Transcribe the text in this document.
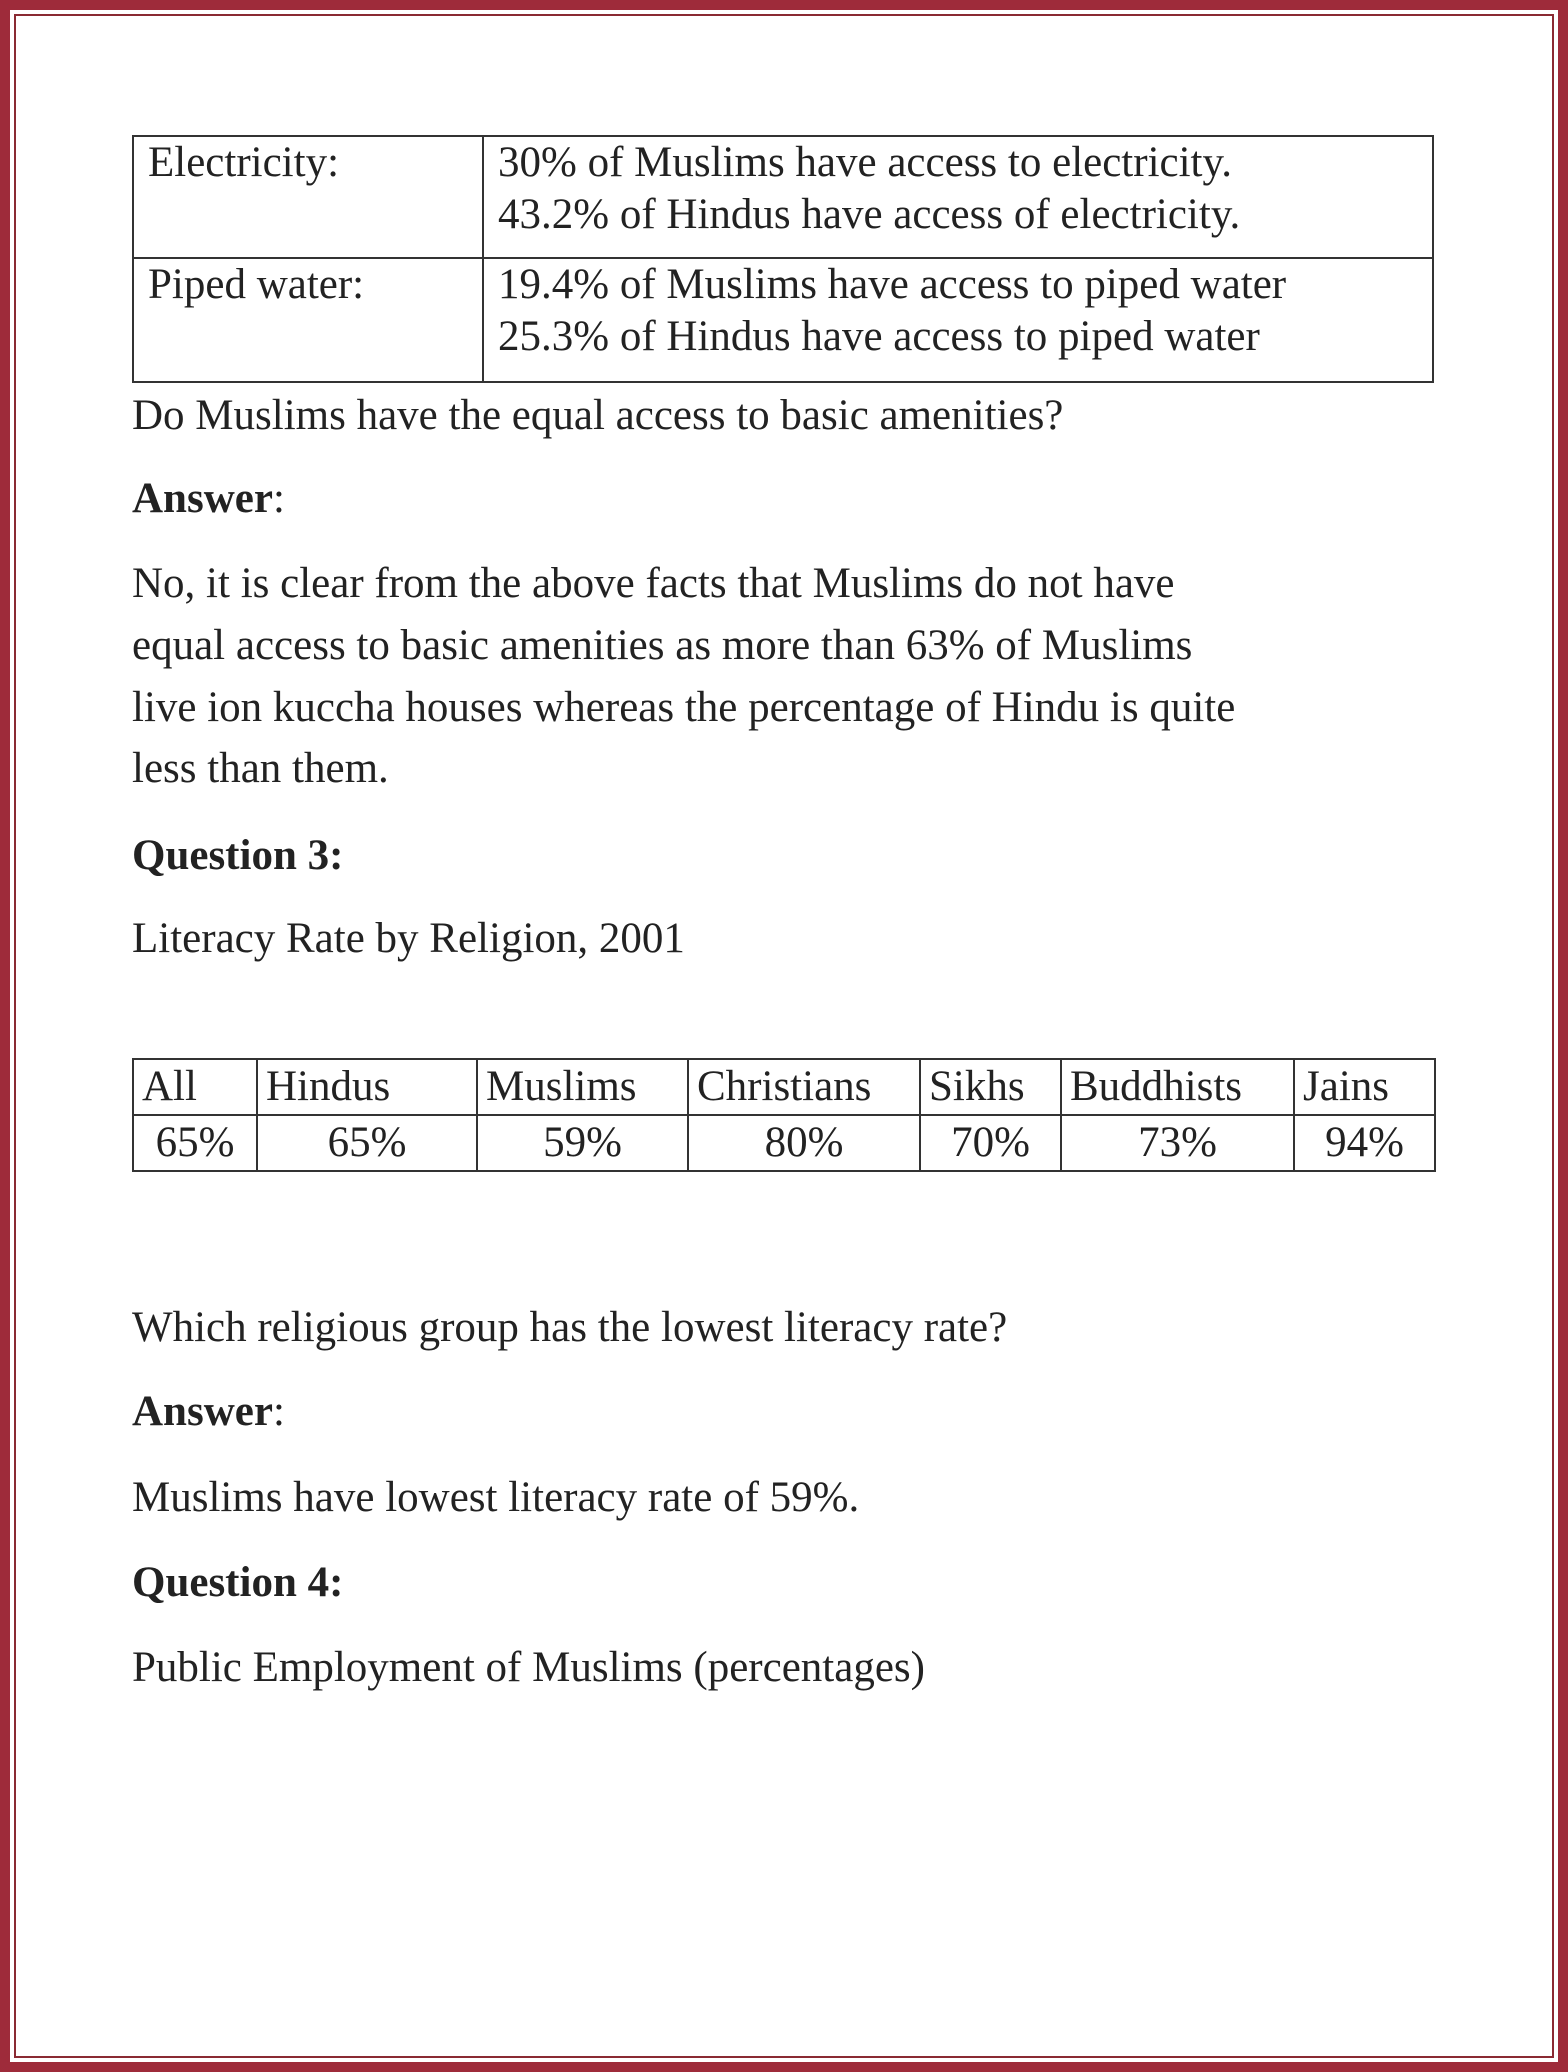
Electricity:	30% of Muslims have access to electricity.
43.2% of Hindus have access of electricity.

Piped water:	19.4% of Muslims have access to piped water
25.3% of Hindus have access to piped water
Do Muslims have the equal access to basic amenities?
Answer:
No, it is clear from the above facts that Muslims do not have
equal access to basic amenities as more than 63% of Muslims
live ion kuccha houses whereas the percentage of Hindu is quite
less than them.
Question 3:
Literacy Rate by Religion, 2001
All	Hindus	Muslims	Christians	Sikhs	Buddhists	Jains
65%	65%	59%	80%	70%	73%	94%
Which religious group has the lowest literacy rate?
Answer:
Muslims have lowest literacy rate of 59%.
Question 4:
Public Employment of Muslims (percentages)
